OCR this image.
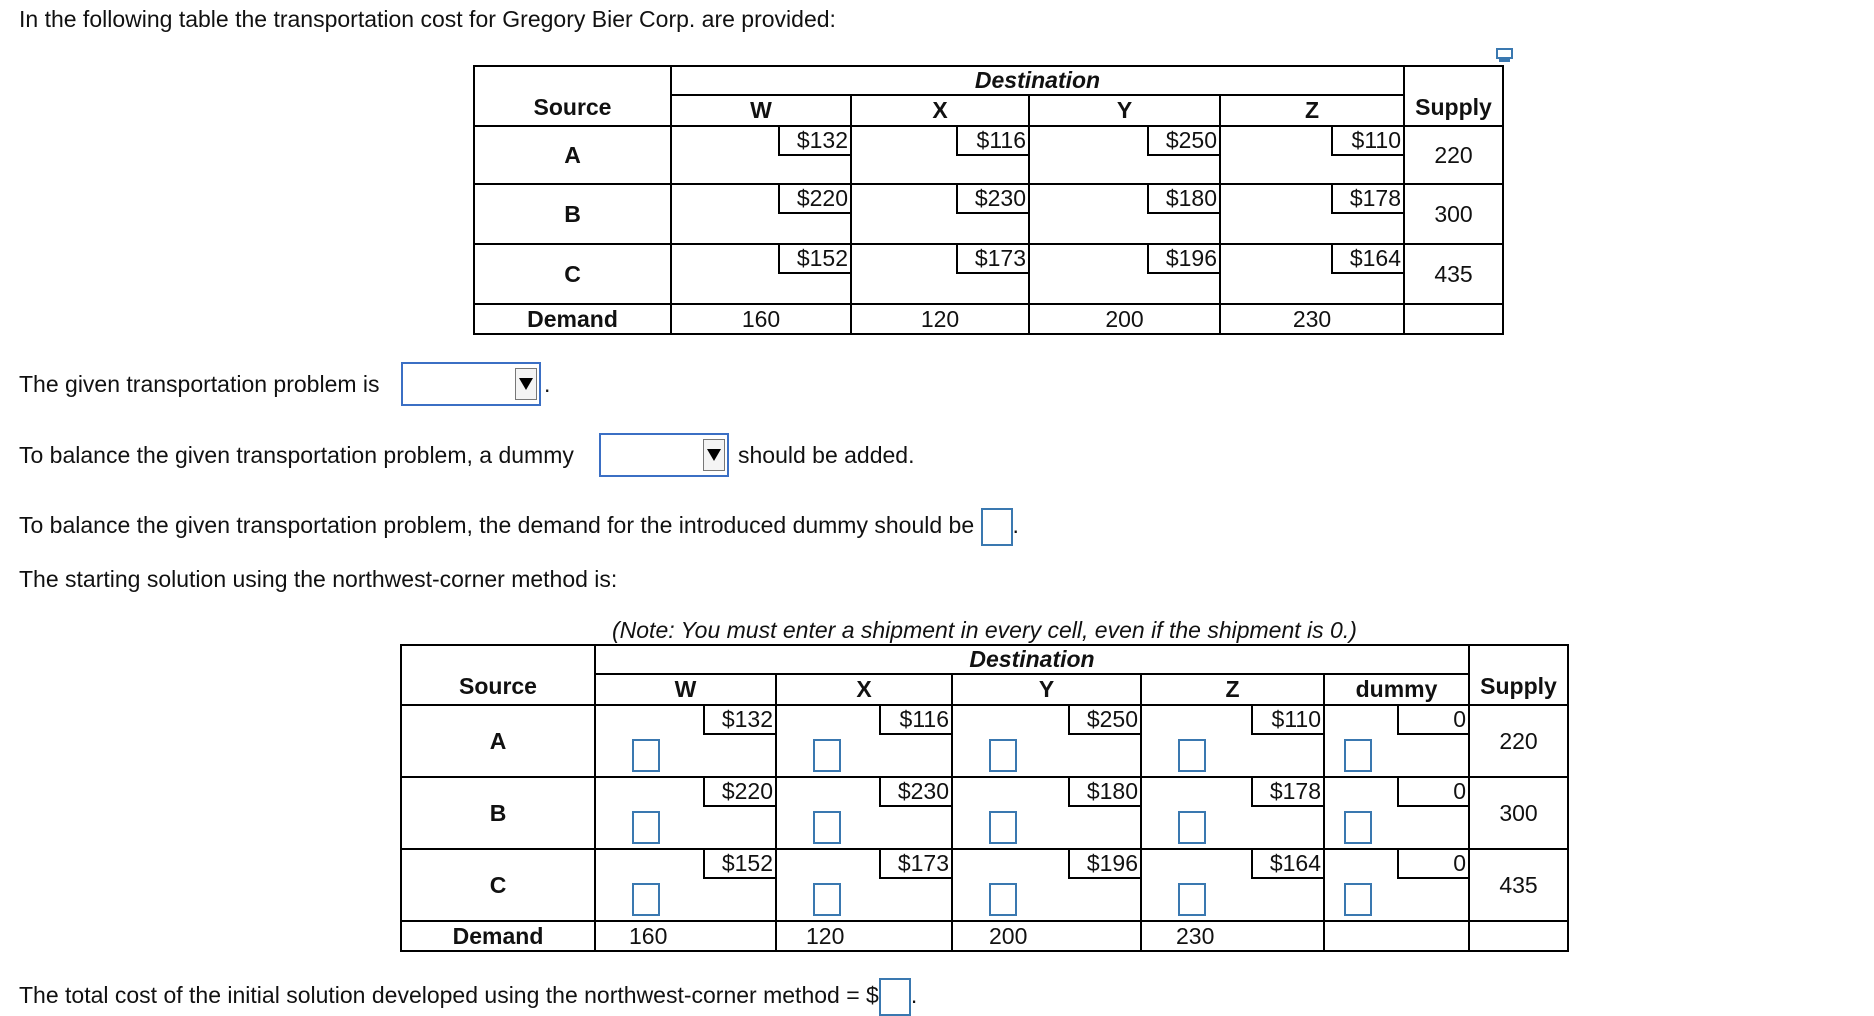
In the following table the transportation cost for Gregory Bier Corp. are provided:
Source	Destination				Supply
	W	X	Y	Z	
A	$132	$116	$250	$110	220
B	$220	$230	$180	$178	300
C	$152	$173	$196	$164	435
Demand	160	120	200	230	
The given transportation problem is	.
To balance the given transportation problem, a dummy	should be added.
To balance the given transportation problem, the demand for the introduced dummy should be .
The starting solution using the northwest-corner method is:
(Note: You must enter a shipment in every cell, even if the shipment is 0.)
Source	Destination					Supply
	W	X	Y	Z	dummy	
A	$132	$116	$250	$110	0	220
B	$220	$230	$180	$178	0	300
C	$152	$173	$196	$164	0	435
Demand	160	120	200	230		

The total cost of the initial solution developed using the northwest-corner method = $ .
